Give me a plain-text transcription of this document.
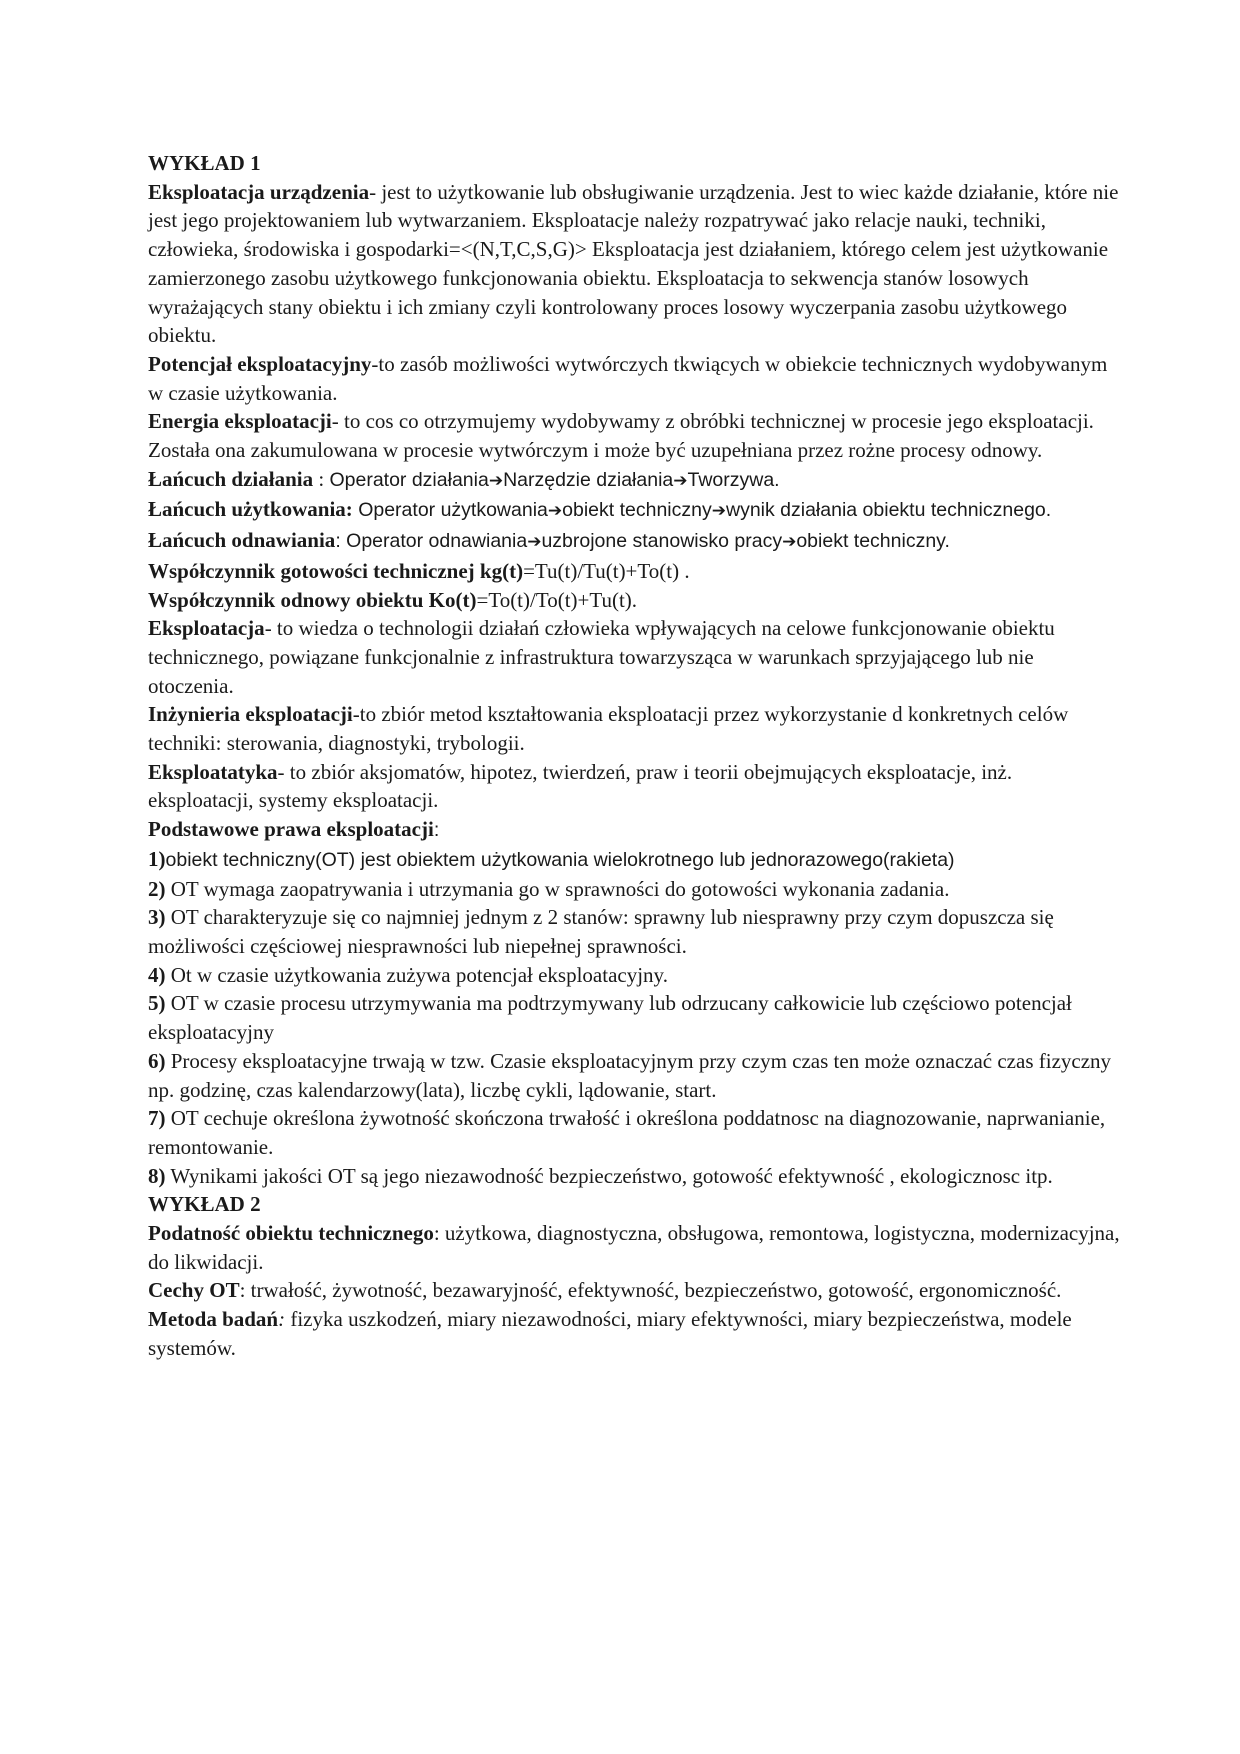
WYKŁAD 1

Eksploatacja urządzenia- jest to użytkowanie lub obsługiwanie urządzenia. Jest to wiec każde działanie, które nie jest jego projektowaniem lub wytwarzaniem. Eksploatacje należy rozpatrywać jako relacje nauki, techniki, człowieka, środowiska i gospodarki=<(N,T,C,S,G)> Eksploatacja jest działaniem, którego celem jest użytkowanie zamierzonego zasobu użytkowego funkcjonowania obiektu. Eksploatacja to sekwencja stanów losowych wyrażających stany obiektu i ich zmiany czyli kontrolowany proces losowy wyczerpania zasobu użytkowego obiektu.

Potencjał eksploatacyjny-to zasób możliwości wytwórczych tkwiących w obiekcie technicznych wydobywanym w czasie użytkowania.

Energia eksploatacji- to cos co otrzymujemy wydobywamy z obróbki technicznej w procesie jego eksploatacji. Została ona zakumulowana w procesie wytwórczym i może być uzupełniana przez rożne procesy odnowy.

Łańcuch działania : Operator działania➔Narzędzie działania➔Tworzywa.

Łańcuch użytkowania: Operator użytkowania➔obiekt techniczny➔wynik działania obiektu technicznego.

Łańcuch odnawiania: Operator odnawiania➔uzbrojone stanowisko pracy➔obiekt techniczny.

Współczynnik gotowości technicznej kg(t)=Tu(t)/Tu(t)+To(t) .

Współczynnik odnowy obiektu Ko(t)=To(t)/To(t)+Tu(t).

Eksploatacja- to wiedza o technologii działań człowieka wpływających na celowe funkcjonowanie obiektu technicznego, powiązane funkcjonalnie z infrastruktura towarzysząca w warunkach sprzyjającego lub nie otoczenia.

Inżynieria eksploatacji-to zbiór metod kształtowania eksploatacji przez wykorzystanie d konkretnych celów techniki: sterowania, diagnostyki, trybologii.

Eksploatatyka- to zbiór aksjomatów, hipotez, twierdzeń, praw i teorii obejmujących eksploatacje, inż. eksploatacji, systemy eksploatacji.

Podstawowe prawa eksploatacji:

1)obiekt techniczny(OT) jest obiektem użytkowania wielokrotnego lub jednorazowego(rakieta)

2) OT wymaga zaopatrywania i utrzymania go w sprawności do gotowości wykonania zadania.

3) OT charakteryzuje się co najmniej jednym z 2 stanów: sprawny lub niesprawny przy czym dopuszcza się możliwości częściowej niesprawności lub niepełnej sprawności.

4) Ot w czasie użytkowania zużywa potencjał eksploatacyjny.

5) OT w czasie procesu utrzymywania ma podtrzymywany lub odrzucany całkowicie lub częściowo potencjał eksploatacyjny

6) Procesy eksploatacyjne trwają w tzw. Czasie eksploatacyjnym przy czym czas ten może oznaczać czas fizyczny np. godzinę, czas kalendarzowy(lata), liczbę cykli, lądowanie, start.

7) OT cechuje określona żywotność skończona trwałość i określona poddatnosc na diagnozowanie, naprwanianie, remontowanie.

8) Wynikami jakości OT są jego niezawodność bezpieczeństwo, gotowość efektywność , ekologicznosc itp.

WYKŁAD 2

Podatność obiektu technicznego: użytkowa, diagnostyczna, obsługowa, remontowa, logistyczna, modernizacyjna, do likwidacji.

Cechy OT: trwałość, żywotność, bezawaryjność, efektywność, bezpieczeństwo, gotowość, ergonomiczność.

Metoda badań: fizyka uszkodzeń, miary niezawodności, miary efektywności, miary bezpieczeństwa, modele systemów.
